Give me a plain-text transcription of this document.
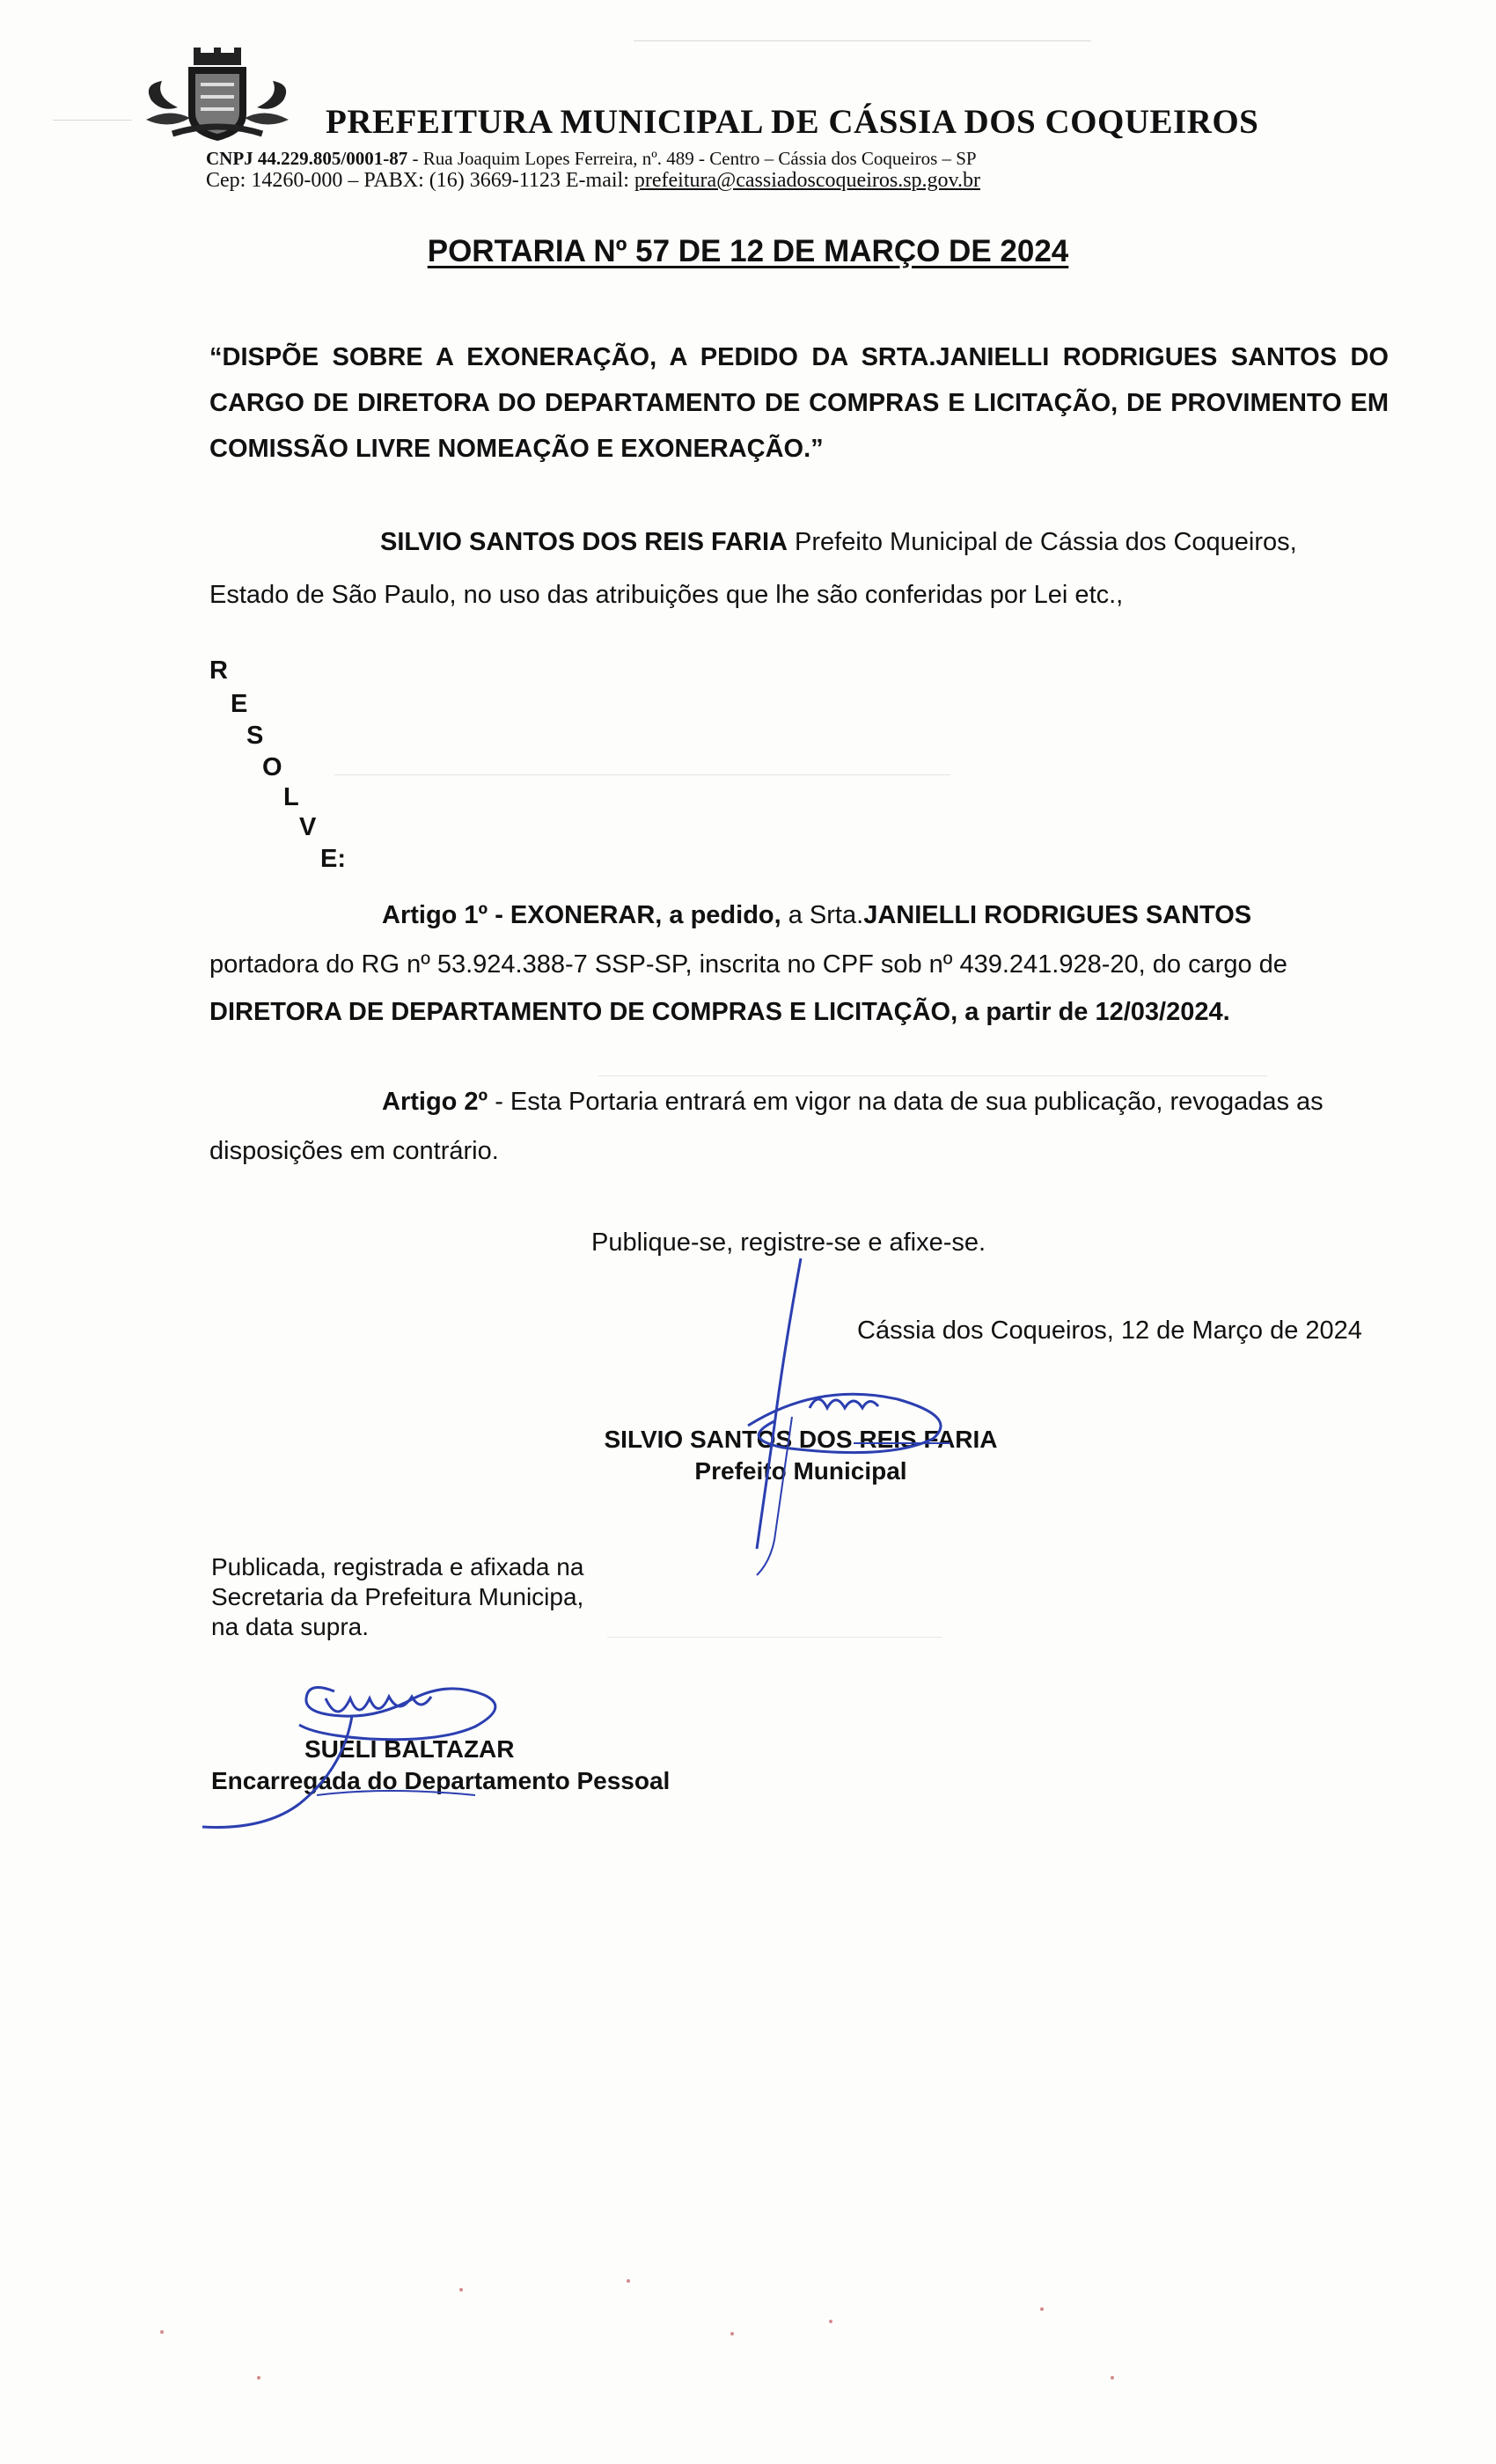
PREFEITURA MUNICIPAL DE CÁSSIA DOS COQUEIROS
CNPJ 44.229.805/0001-87 - Rua Joaquim Lopes Ferreira, nº. 489 - Centro – Cássia dos Coqueiros – SP
Cep: 14260-000 – PABX: (16) 3669-1123 E-mail: prefeitura@cassiadoscoqueiros.sp.gov.br
PORTARIA Nº 57 DE 12 DE MARÇO DE 2024
“DISPÕE SOBRE A EXONERAÇÃO, A PEDIDO DA SRTA.JANIELLI RODRIGUES SANTOS DO CARGO DE DIRETORA DO DEPARTAMENTO DE COMPRAS E LICITAÇÃO, DE PROVIMENTO EM COMISSÃO LIVRE NOMEAÇÃO E EXONERAÇÃO.”
SILVIO SANTOS DOS REIS FARIA Prefeito Municipal de Cássia dos Coqueiros,
Estado de São Paulo, no uso das atribuições que lhe são conferidas por Lei etc.,
R
E
S
O
L
V
E:
Artigo 1º - EXONERAR, a pedido, a Srta.JANIELLI RODRIGUES SANTOS
portadora do RG nº 53.924.388-7 SSP-SP, inscrita no CPF sob nº 439.241.928-20, do cargo de
DIRETORA DE DEPARTAMENTO DE COMPRAS E LICITAÇÃO, a partir de 12/03/2024.
Artigo 2º - Esta Portaria entrará em vigor na data de sua publicação, revogadas as
disposições em contrário.
Publique-se, registre-se e afixe-se.
Cássia dos Coqueiros, 12 de Março de 2024
SILVIO SANTOS DOS REIS FARIA
Prefeito Municipal
Publicada, registrada e afixada na
Secretaria da Prefeitura Municipa,
na data supra.
SUELI BALTAZAR
Encarregada do Departamento Pessoal
